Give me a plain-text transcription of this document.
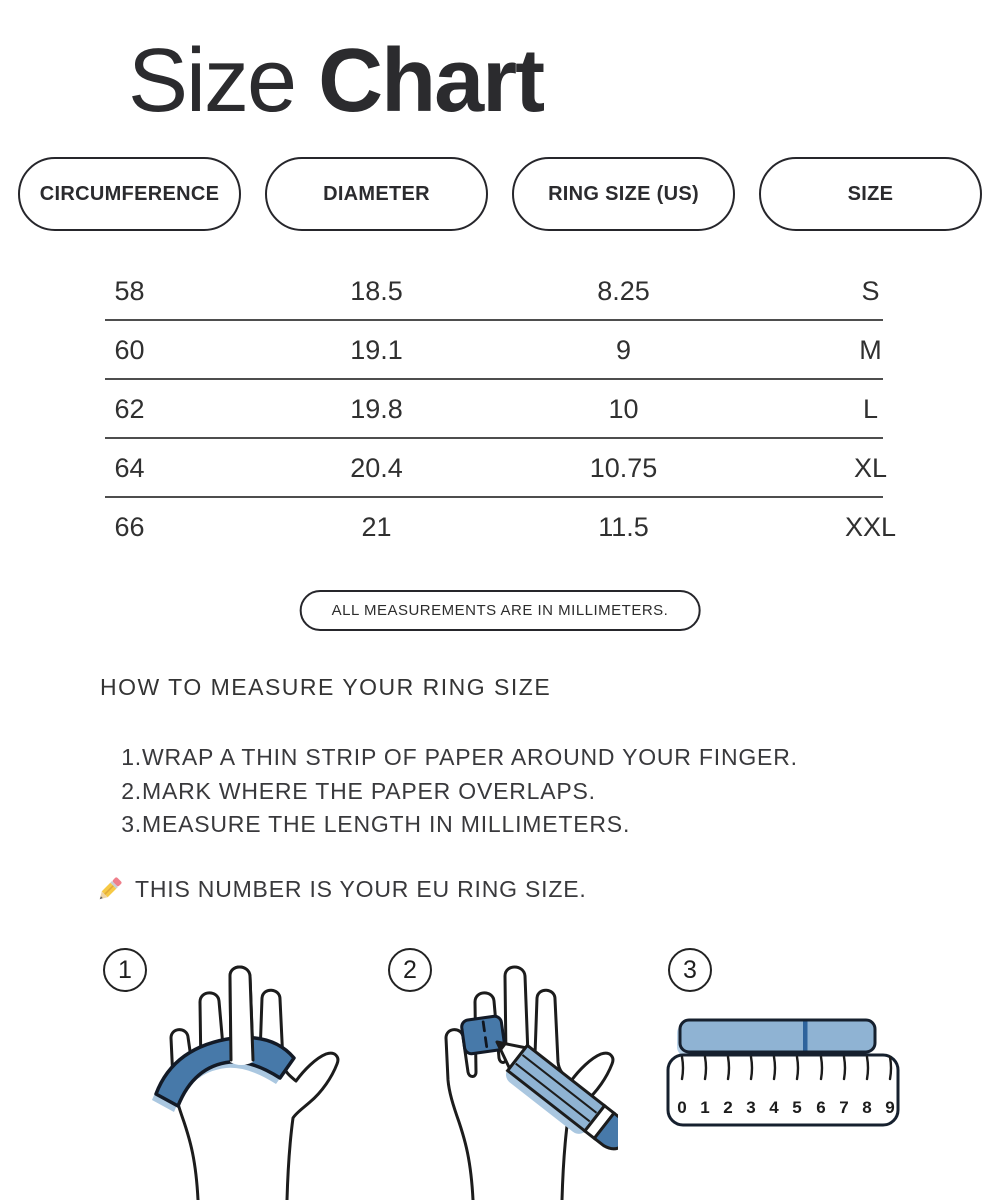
Size Chart
CIRCUMFERENCE	DIAMETER	RING SIZE (US)	SIZE
58	18.5	8.25	S
60	19.1	9	M
62	19.8	10	L
64	20.4	10.75	XL
66	21	11.5	XXL
ALL MEASUREMENTS ARE IN MILLIMETERS.
HOW TO MEASURE YOUR RING SIZE
1. WRAP A THIN STRIP OF PAPER AROUND YOUR FINGER.
2. MARK WHERE THE PAPER OVERLAPS.
3. MEASURE THE LENGTH IN MILLIMETERS.
THIS NUMBER IS YOUR EU RING SIZE.
1	2	3
0 1 2 3 4 5 6 7 8 9
